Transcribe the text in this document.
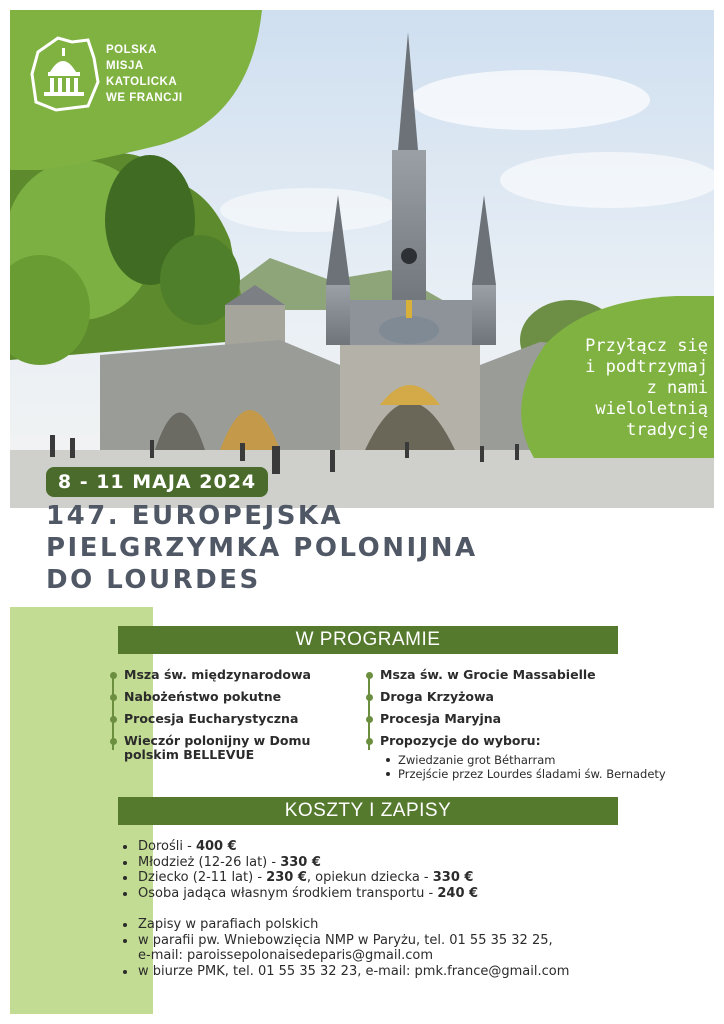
POLSKA
MISJA
KATOLICKA
WE FRANCJI
Przyłącz się
i podtrzymaj
z nami
wieloletnią
tradycję
8 - 11 MAJA 2024
147. EUROPEJSKA
PIELGRZYMKA POLONIJNA
DO LOURDES
W PROGRAMIE
Msza św. międzynarodowa
Nabożeństwo pokutne
Procesja Eucharystyczna
Wieczór polonijny w Domu
polskim BELLEVUE
Msza św. w Grocie Massabielle
Droga Krzyżowa
Procesja Maryjna
Propozycje do wyboru:
Zwiedzanie grot Bétharram
Przejście przez Lourdes śladami św. Bernadety
KOSZTY I ZAPISY
Dorośli - 400 €
Młodzież (12-26 lat) - 330 €
Dziecko (2-11 lat) - 230 €, opiekun dziecka - 330 €
Osoba jadąca własnym środkiem transportu - 240 €
Zapisy w parafiach polskich
w parafii pw. Wniebowzięcia NMP w Paryżu, tel. 01 55 35 32 25,
e-mail: paroissepolonaisedeparis@gmail.com
w biurze PMK, tel. 01 55 35 32 23, e-mail: pmk.france@gmail.com
